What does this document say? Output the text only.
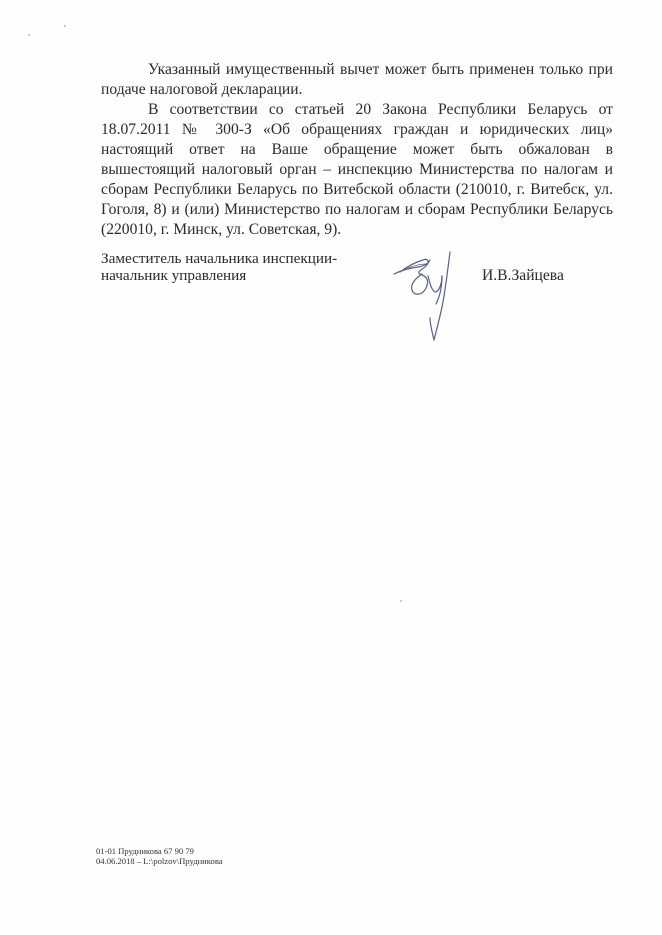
Указанный имущественный вычет может быть применен только при подаче налоговой декларации.

В соответствии со статьей 20 Закона Республики Беларусь от 18.07.2011 № 300-З «Об обращениях граждан и юридических лиц» настоящий ответ на Ваше обращение может быть обжалован в вышестоящий налоговый орган – инспекцию Министерства по налогам и сборам Республики Беларусь по Витебской области (210010, г. Витебск, ул. Гоголя, 8) и (или) Министерство по налогам и сборам Республики Беларусь (220010, г. Минск, ул. Советская, 9).

Заместитель начальника инспекции-
начальник управления	И.В.Зайцева
01-01 Прудникова 67 90 79
04.06.2018 – L:\polzov\Прудникова
